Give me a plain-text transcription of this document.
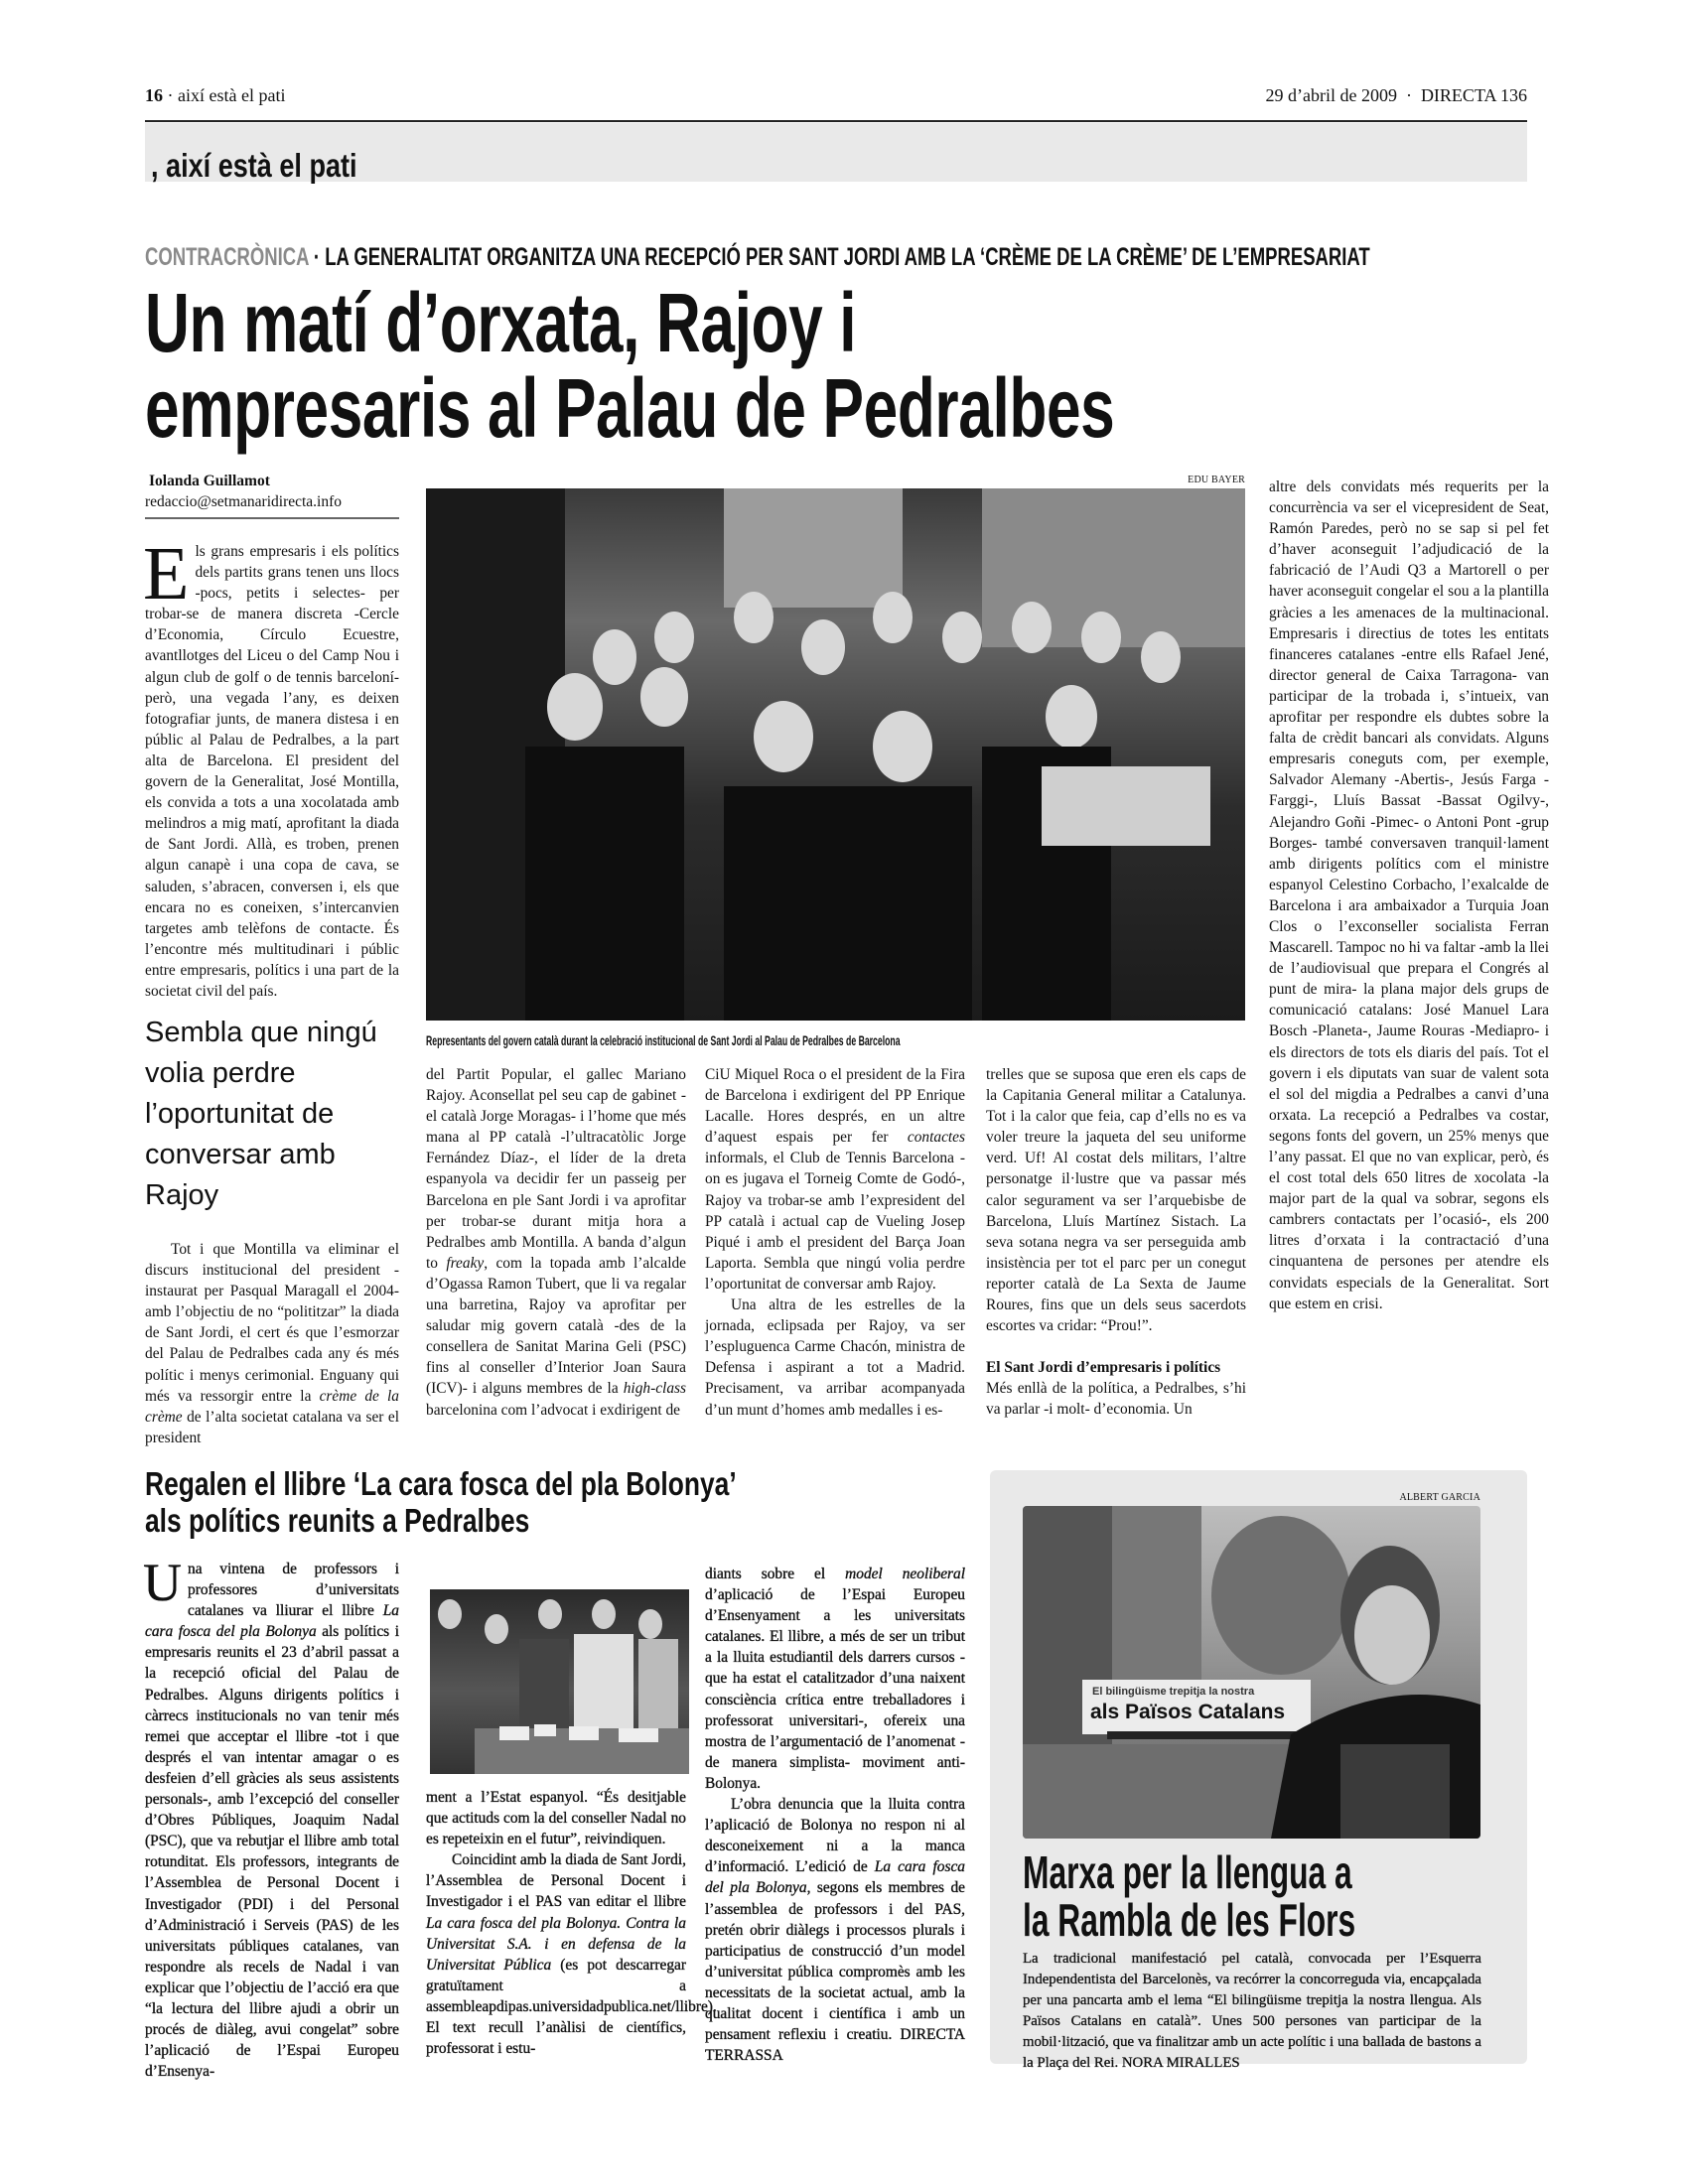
16 · així està el pati	29 d’abril de 2009 · DIRECTA 136
, així està el pati
CONTRACRÒNICA · LA GENERALITAT ORGANITZA UNA RECEPCIÓ PER SANT JORDI AMB LA ‘CRÈME DE LA CRÈME’ DE L’EMPRESARIAT
Un matí d’orxata, Rajoy i
empresaris al Palau de Pedralbes
Iolanda Guillamot
redaccio@setmanaridirecta.info
E ls grans empresaris i els polítics dels partits grans tenen uns llocs -pocs, petits i selectes- per trobar-se de manera discreta -Cercle d’Economia, Círculo Ecuestre, avantllotges del Liceu o del Camp Nou i algun club de golf o de tennis barceloní- però, una vegada l’any, es deixen fotografiar junts, de manera distesa i en públic al Palau de Pedralbes, a la part alta de Barcelona. El president del govern de la Generalitat, José Montilla, els convida a tots a una xocolatada amb melindros a mig matí, aprofitant la diada de Sant Jordi. Allà, es troben, prenen algun canapè i una copa de cava, se saluden, s’abracen, conversen i, els que encara no es coneixen, s’intercanvien targetes amb telèfons de contacte. És l’encontre més multitudinari i públic entre empresaris, polítics i una part de la societat civil del país.

Sembla que ningú volia perdre l’oportunitat de conversar amb Rajoy

Tot i que Montilla va eliminar el discurs institucional del president -instaurat per Pasqual Maragall el 2004- amb l’objectiu de no “polititzar” la diada de Sant Jordi, el cert és que l’esmorzar del Palau de Pedralbes cada any és més polític i menys cerimonial. Enguany qui més va ressorgir entre la crème de la crème de l’alta societat catalana va ser el president

EDU BAYER
Representants del govern català durant la celebració institucional de Sant Jordi al Palau de Pedralbes de Barcelona

del Partit Popular, el gallec Mariano Rajoy. Aconsellat pel seu cap de gabinet -el català Jorge Moragas- i l’home que més mana al PP català -l’ultracatòlic Jorge Fernández Díaz-, el líder de la dreta espanyola va decidir fer un passeig per Barcelona en ple Sant Jordi i va aprofitar per trobar-se durant mitja hora a Pedralbes amb Montilla. A banda d’algun to freaky, com la topada amb l’alcalde d’Ogassa Ramon Tubert, que li va regalar una barretina, Rajoy va aprofitar per saludar mig govern català -des de la consellera de Sanitat Marina Geli (PSC) fins al conseller d’Interior Joan Saura (ICV)- i alguns membres de la high-class barcelonina com l’advocat i exdirigent de

CiU Miquel Roca o el president de la Fira de Barcelona i exdirigent del PP Enrique Lacalle. Hores després, en un altre d’aquest espais per fer contactes informals, el Club de Tennis Barcelona -on es jugava el Torneig Comte de Godó-, Rajoy va trobar-se amb l’expresident del PP català i actual cap de Vueling Josep Piqué i amb el president del Barça Joan Laporta. Sembla que ningú volia perdre l’oportunitat de conversar amb Rajoy.

Una altra de les estrelles de la jornada, eclipsada per Rajoy, va ser l’espluguenca Carme Chacón, ministra de Defensa i aspirant a tot a Madrid. Precisament, va arribar acompanyada d’un munt d’homes amb medalles i es-

trelles que se suposa que eren els caps de la Capitania General militar a Catalunya. Tot i la calor que feia, cap d’ells no es va voler treure la jaqueta del seu uniforme verd. Uf! Al costat dels militars, l’altre personatge il·lustre que va passar més calor segurament va ser l’arquebisbe de Barcelona, Lluís Martínez Sistach. La seva sotana negra va ser perseguida amb insistència per tot el parc per un conegut reporter català de La Sexta de Jaume Roures, fins que un dels seus sacerdots escortes va cridar: “Prou!”.

El Sant Jordi d’empresaris i polítics

Més enllà de la política, a Pedralbes, s’hi va parlar -i molt- d’economia. Un

altre dels convidats més requerits per la concurrència va ser el vicepresident de Seat, Ramón Paredes, però no se sap si pel fet d’haver aconseguit l’adjudicació de la fabricació de l’Audi Q3 a Martorell o per haver aconseguit congelar el sou a la plantilla gràcies a les amenaces de la multinacional. Empresaris i directius de totes les entitats financeres catalanes -entre ells Rafael Jené, director general de Caixa Tarragona- van participar de la trobada i, s’intueix, van aprofitar per respondre els dubtes sobre la falta de crèdit bancari als convidats. Alguns empresaris coneguts com, per exemple, Salvador Alemany -Abertis-, Jesús Farga -Farggi-, Lluís Bassat -Bassat Ogilvy-, Alejandro Goñi -Pimec- o Antoni Pont -grup Borges- també conversaven tranquil·lament amb dirigents polítics com el ministre espanyol Celestino Corbacho, l’exalcalde de Barcelona i ara ambaixador a Turquia Joan Clos o l’exconseller socialista Ferran Mascarell. Tampoc no hi va faltar -amb la llei de l’audiovisual que prepara el Congrés al punt de mira- la plana major dels grups de comunicació catalans: José Manuel Lara Bosch -Planeta-, Jaume Rouras -Mediapro- i els directors de tots els diaris del país. Tot el govern i els diputats van suar de valent sota el sol del migdia a Pedralbes a canvi d’una orxata. La recepció a Pedralbes va costar, segons fonts del govern, un 25% menys que l’any passat. El que no van explicar, però, és el cost total dels 650 litres de xocolata -la major part de la qual va sobrar, segons els cambrers contactats per l’ocasió-, els 200 litres d’orxata i la contractació d’una cinquantena de persones per atendre els convidats especials de la Generalitat. Sort que estem en crisi.

Regalen el llibre ‘La cara fosca del pla Bolonya’
als polítics reunits a Pedralbes
U na vintena de professors i professores d’universitats catalanes va lliurar el llibre La cara fosca del pla Bolonya als polítics i empresaris reunits el 23 d’abril passat a la recepció oficial del Palau de Pedralbes. Alguns dirigents polítics i càrrecs institucionals no van tenir més remei que acceptar el llibre -tot i que després el van intentar amagar o es desfeien d’ell gràcies als seus assistents personals-, amb l’excepció del conseller d’Obres Públiques, Joaquim Nadal (PSC), que va rebutjar el llibre amb total rotunditat. Els professors, integrants de l’Assemblea de Personal Docent i Investigador (PDI) i del Personal d’Administració i Serveis (PAS) de les universitats públiques catalanes, van respondre als recels de Nadal i van explicar que l’objectiu de l’acció era que “la lectura del llibre ajudi a obrir un procés de diàleg, avui congelat” sobre l’aplicació de l’Espai Europeu d’Ensenya-

ment a l’Estat espanyol. “És desitjable que actituds com la del conseller Nadal no es repeteixin en el futur”, reivindiquen.

Coincidint amb la diada de Sant Jordi, l’Assemblea de Personal Docent i Investigador i el PAS van editar el llibre La cara fosca del pla Bolonya. Contra la Universitat S.A. i en defensa de la Universitat Pública (es pot descarregar gratuïtament a assembleapdipas.universidadpublica.net/llibre). El text recull l’anàlisi de científics, professorat i estu-

diants sobre el model neoliberal d’aplicació de l’Espai Europeu d’Ensenyament a les universitats catalanes. El llibre, a més de ser un tribut a la lluita estudiantil dels darrers cursos -que ha estat el catalitzador d’una naixent consciència crítica entre treballadores i professorat universitari-, ofereix una mostra de l’argumentació de l’anomenat -de manera simplista- moviment anti-Bolonya.

L’obra denuncia que la lluita contra l’aplicació de Bolonya no respon ni al desconeixement ni a la manca d’informació. L’edició de La cara fosca del pla Bolonya, segons els membres de l’assemblea de professors i del PAS, pretén obrir diàlegs i processos plurals i participatius de construcció d’un model d’universitat pública compromès amb les necessitats de la societat actual, amb la qualitat docent i científica i amb un pensament reflexiu i creatiu. DIRECTA TERRASSA

ALBERT GARCIA
El bilingüisme trepitja la nostra
als Països Catalans
Marxa per la llengua a
la Rambla de les Flors
La tradicional manifestació pel català, convocada per l’Esquerra Independentista del Barcelonès, va recórrer la concorreguda via, encapçalada per una pancarta amb el lema “El bilingüisme trepitja la nostra llengua. Als Països Catalans en català”. Unes 500 persones van participar de la mobil·lització, que va finalitzar amb un acte polític i una ballada de bastons a la Plaça del Rei. NORA MIRALLES
